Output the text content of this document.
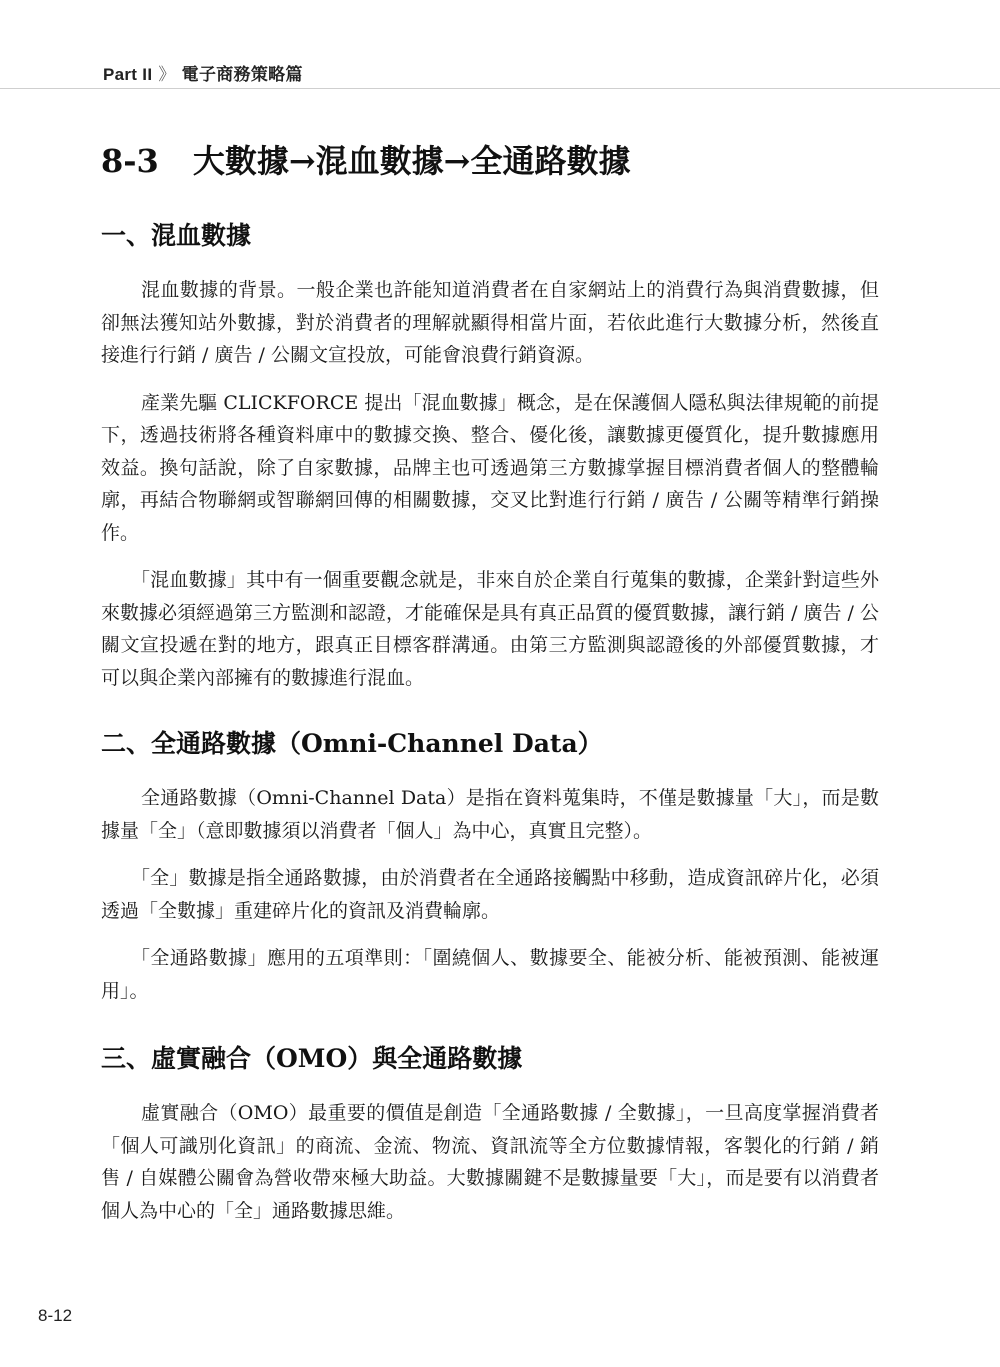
Part II 》 電子商務策略篇
8-3 大數據→混血數據→全通路數據
一、混血數據

混血數據的背景。一般企業也許能知道消費者在自家網站上的消費行為與消費數據，但卻無法獲知站外數據，對於消費者的理解就顯得相當片面，若依此進行大數據分析，然後直接進行行銷 / 廣告 / 公關文宣投放，可能會浪費行銷資源。

產業先驅 CLICKFORCE 提出「混血數據」概念，是在保護個人隱私與法律規範的前提下，透過技術將各種資料庫中的數據交換、整合、優化後，讓數據更優質化，提升數據應用效益。換句話說，除了自家數據，品牌主也可透過第三方數據掌握目標消費者個人的整體輪廓，再結合物聯網或智聯網回傳的相關數據，交叉比對進行行銷 / 廣告 / 公關等精準行銷操作。

「混血數據」其中有一個重要觀念就是，非來自於企業自行蒐集的數據，企業針對這些外來數據必須經過第三方監測和認證，才能確保是具有真正品質的優質數據，讓行銷 / 廣告 / 公關文宣投遞在對的地方，跟真正目標客群溝通。由第三方監測與認證後的外部優質數據，才可以與企業內部擁有的數據進行混血。

二、全通路數據（Omni-Channel Data）

全通路數據（Omni-Channel Data）是指在資料蒐集時，不僅是數據量「大」，而是數據量「全」（意即數據須以消費者「個人」為中心，真實且完整）。

「全」數據是指全通路數據，由於消費者在全通路接觸點中移動，造成資訊碎片化，必須透過「全數據」重建碎片化的資訊及消費輪廓。

「全通路數據」應用的五項準則：「圍繞個人、數據要全、能被分析、能被預測、能被運用」。

三、虛實融合（OMO）與全通路數據

虛實融合（OMO）最重要的價值是創造「全通路數據 / 全數據」，一旦高度掌握消費者「個人可識別化資訊」的商流、金流、物流、資訊流等全方位數據情報，客製化的行銷 / 銷售 / 自媒體公關會為營收帶來極大助益。大數據關鍵不是數據量要「大」，而是要有以消費者個人為中心的「全」通路數據思維。

8-12
